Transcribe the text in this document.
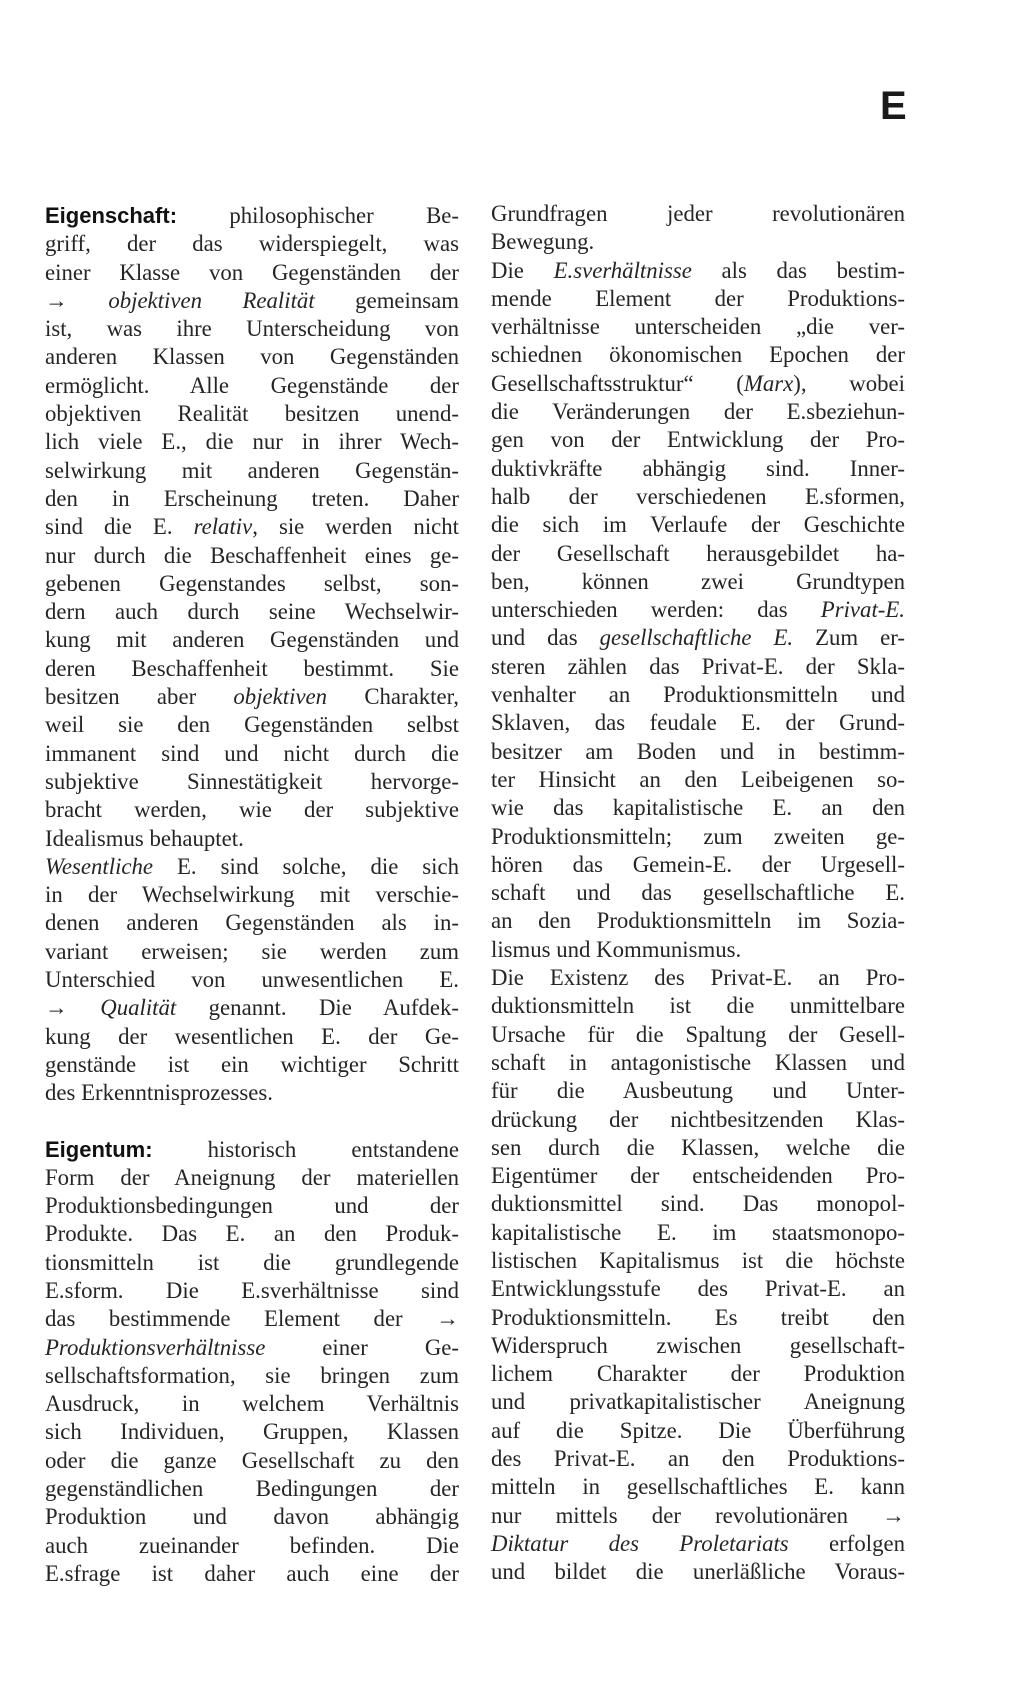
E
Eigenschaft: philosophischer Be-
griff, der das widerspiegelt, was
einer Klasse von Gegenständen der
→ objektiven Realität gemeinsam
ist, was ihre Unterscheidung von
anderen Klassen von Gegenständen
ermöglicht. Alle Gegenstände der
objektiven Realität besitzen unend-
lich viele E., die nur in ihrer Wech-
selwirkung mit anderen Gegenstän-
den in Erscheinung treten. Daher
sind die E. relativ, sie werden nicht
nur durch die Beschaffenheit eines ge-
gebenen Gegenstandes selbst, son-
dern auch durch seine Wechselwir-
kung mit anderen Gegenständen und
deren Beschaffenheit bestimmt. Sie
besitzen aber objektiven Charakter,
weil sie den Gegenständen selbst
immanent sind und nicht durch die
subjektive Sinnestätigkeit hervorge-
bracht werden, wie der subjektive
Idealismus behauptet.
Wesentliche E. sind solche, die sich
in der Wechselwirkung mit verschie-
denen anderen Gegenständen als in-
variant erweisen; sie werden zum
Unterschied von unwesentlichen E.
→ Qualität genannt. Die Aufdek-
kung der wesentlichen E. der Ge-
genstände ist ein wichtiger Schritt
des Erkenntnisprozesses.
Eigentum: historisch entstandene
Form der Aneignung der materiellen
Produktionsbedingungen und der
Produkte. Das E. an den Produk-
tionsmitteln ist die grundlegende
E.sform. Die E.sverhältnisse sind
das bestimmende Element der →
Produktionsverhältnisse einer Ge-
sellschaftsformation, sie bringen zum
Ausdruck, in welchem Verhältnis
sich Individuen, Gruppen, Klassen
oder die ganze Gesellschaft zu den
gegenständlichen Bedingungen der
Produktion und davon abhängig
auch zueinander befinden. Die
E.sfrage ist daher auch eine der
Grundfragen jeder revolutionären
Bewegung.
Die E.sverhältnisse als das bestim-
mende Element der Produktions-
verhältnisse unterscheiden „die ver-
schiednen ökonomischen Epochen der
Gesellschaftsstruktur“ (Marx), wobei
die Veränderungen der E.sbeziehun-
gen von der Entwicklung der Pro-
duktivkräfte abhängig sind. Inner-
halb der verschiedenen E.sformen,
die sich im Verlaufe der Geschichte
der Gesellschaft herausgebildet ha-
ben, können zwei Grundtypen
unterschieden werden: das Privat-E.
und das gesellschaftliche E. Zum er-
steren zählen das Privat-E. der Skla-
venhalter an Produktionsmitteln und
Sklaven, das feudale E. der Grund-
besitzer am Boden und in bestimm-
ter Hinsicht an den Leibeigenen so-
wie das kapitalistische E. an den
Produktionsmitteln; zum zweiten ge-
hören das Gemein-E. der Urgesell-
schaft und das gesellschaftliche E.
an den Produktionsmitteln im Sozia-
lismus und Kommunismus.
Die Existenz des Privat-E. an Pro-
duktionsmitteln ist die unmittelbare
Ursache für die Spaltung der Gesell-
schaft in antagonistische Klassen und
für die Ausbeutung und Unter-
drückung der nichtbesitzenden Klas-
sen durch die Klassen, welche die
Eigentümer der entscheidenden Pro-
duktionsmittel sind. Das monopol-
kapitalistische E. im staatsmonopo-
listischen Kapitalismus ist die höchste
Entwicklungsstufe des Privat-E. an
Produktionsmitteln. Es treibt den
Widerspruch zwischen gesellschaft-
lichem Charakter der Produktion
und privatkapitalistischer Aneignung
auf die Spitze. Die Überführung
des Privat-E. an den Produktions-
mitteln in gesellschaftliches E. kann
nur mittels der revolutionären →
Diktatur des Proletariats erfolgen
und bildet die unerläßliche Voraus-
